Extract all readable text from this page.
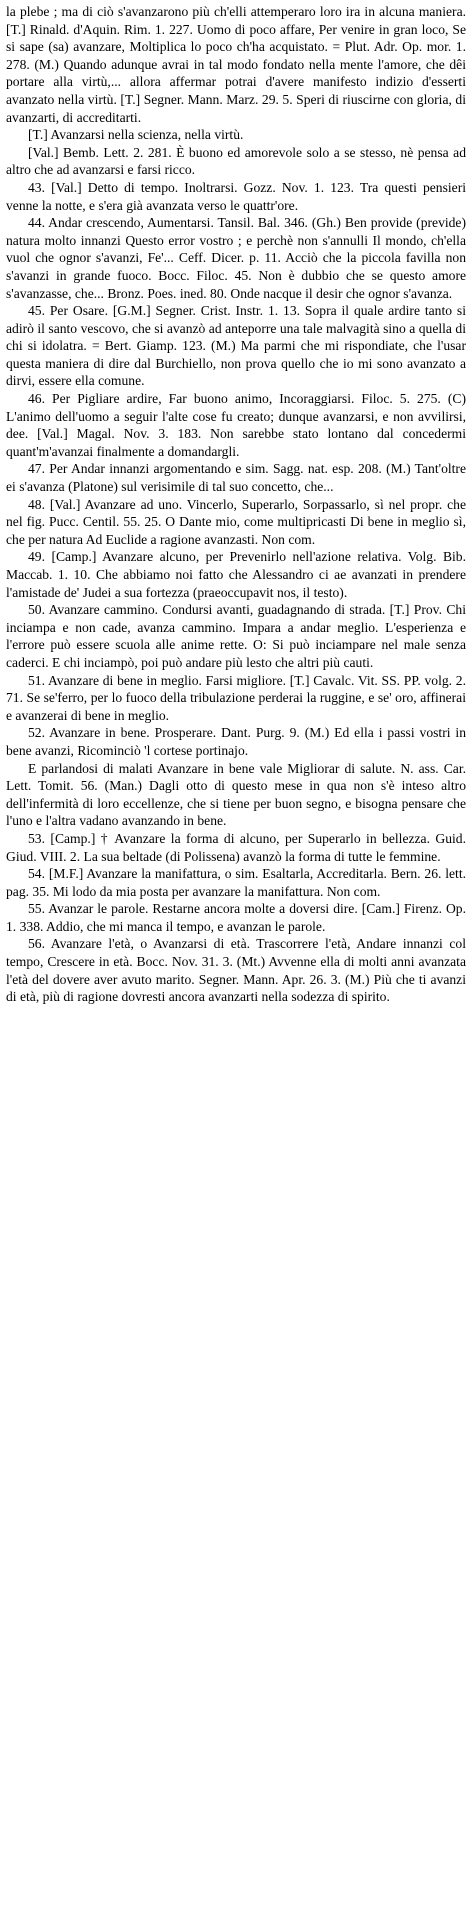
la plebe ; ma di ciò s'avanzarono più ch'elli attemperaro loro ira in alcuna maniera. [T.] Rinald. d'Aquin. Rim. 1. 227. Uomo di poco affare, Per venire in gran loco, Se si sape (sa) avanzare, Moltiplica lo poco ch'ha acquistato. = Plut. Adr. Op. mor. 1. 278. (M.) Quando adunque avrai in tal modo fondato nella mente l'amore, che dêi portare alla virtù,... allora affermar potrai d'avere manifesto indizio d'esserti avanzato nella virtù. [T.] Segner. Mann. Marz. 29. 5. Speri di riuscirne con gloria, di avanzarti, di accreditarti.

[T.] Avanzarsi nella scienza, nella virtù.

[Val.] Bemb. Lett. 2. 281. È buono ed amorevole solo a se stesso, nè pensa ad altro che ad avanzarsi e farsi ricco.

43. [Val.] Detto di tempo. Inoltrarsi. Gozz. Nov. 1. 123. Tra questi pensieri venne la notte, e s'era già avanzata verso le quattr'ore.

44. Andar crescendo, Aumentarsi. Tansil. Bal. 346. (Gh.) Ben provide (previde) natura molto innanzi Questo error vostro ; e perchè non s'annulli Il mondo, ch'ella vuol che ognor s'avanzi, Fe'... Ceff. Dicer. p. 11. Acciò che la piccola favilla non s'avanzi in grande fuoco. Bocc. Filoc. 45. Non è dubbio che se questo amore s'avanzasse, che... Bronz. Poes. ined. 80. Onde nacque il desir che ognor s'avanza.

45. Per Osare. [G.M.] Segner. Crist. Instr. 1. 13. Sopra il quale ardire tanto si adirò il santo vescovo, che si avanzò ad anteporre una tale malvagità sino a quella di chi si idolatra. = Bert. Giamp. 123. (M.) Ma parmi che mi rispondiate, che l'usar questa maniera di dire dal Burchiello, non prova quello che io mi sono avanzato a dirvi, essere ella comune.

46. Per Pigliare ardire, Far buono animo, Incoraggiarsi. Filoc. 5. 275. (C) L'animo dell'uomo a seguir l'alte cose fu creato; dunque avanzarsi, e non avvilirsi, dee. [Val.] Magal. Nov. 3. 183. Non sarebbe stato lontano dal concedermi quant'm'avanzai finalmente a domandargli.

47. Per Andar innanzi argomentando e sim. Sagg. nat. esp. 208. (M.) Tant'oltre ei s'avanza (Platone) sul verisimile di tal suo concetto, che...

48. [Val.] Avanzare ad uno. Vincerlo, Superarlo, Sorpassarlo, sì nel propr. che nel fig. Pucc. Centil. 55. 25. O Dante mio, come multipricasti Di bene in meglio sì, che per natura Ad Euclide a ragione avanzasti. Non com.

49. [Camp.] Avanzare alcuno, per Prevenirlo nell'azione relativa. Volg. Bib. Maccab. 1. 10. Che abbiamo noi fatto che Alessandro ci ae avanzati in prendere l'amistade de' Judei a sua fortezza (praeoccupavit nos, il testo).

50. Avanzare cammino. Condursi avanti, guadagnando di strada. [T.] Prov. Chi inciampa e non cade, avanza cammino. Impara a andar meglio. L'esperienza e l'errore può essere scuola alle anime rette. O: Si può inciampare nel male senza caderci. E chi inciampò, poi può andare più lesto che altri più cauti.

51. Avanzare di bene in meglio. Farsi migliore. [T.] Cavalc. Vit. SS. PP. volg. 2. 71. Se se'ferro, per lo fuoco della tribulazione perderai la ruggine, e se' oro, affinerai e avanzerai di bene in meglio.

52. Avanzare in bene. Prosperare. Dant. Purg. 9. (M.) Ed ella i passi vostri in bene avanzi, Ricominciò 'l cortese portinajo.

E parlandosi di malati Avanzare in bene vale Migliorar di salute. N. ass. Car. Lett. Tomit. 56. (Man.) Dagli otto di questo mese in qua non s'è inteso altro dell'infermità di loro eccellenze, che si tiene per buon segno, e bisogna pensare che l'uno e l'altra vadano avanzando in bene.

53. [Camp.] † Avanzare la forma di alcuno, per Superarlo in bellezza. Guid. Giud. VIII. 2. La sua beltade (di Polissena) avanzò la forma di tutte le femmine.

54. [M.F.] Avanzare la manifattura, o sim. Esaltarla, Accreditarla. Bern. 26. lett. pag. 35. Mi lodo da mia posta per avanzare la manifattura. Non com.

55. Avanzar le parole. Restarne ancora molte a doversi dire. [Cam.] Firenz. Op. 1. 338. Addio, che mi manca il tempo, e avanzan le parole.

56. Avanzare l'età, o Avanzarsi di età. Trascorrere l'età, Andare innanzi col tempo, Crescere in età. Bocc. Nov. 31. 3. (Mt.) Avvenne ella di molti anni avanzata l'età del dovere aver avuto marito. Segner. Mann. Apr. 26. 3. (M.) Più che ti avanzi di età, più di ragione dovresti ancora avanzarti nella sodezza di spirito.
